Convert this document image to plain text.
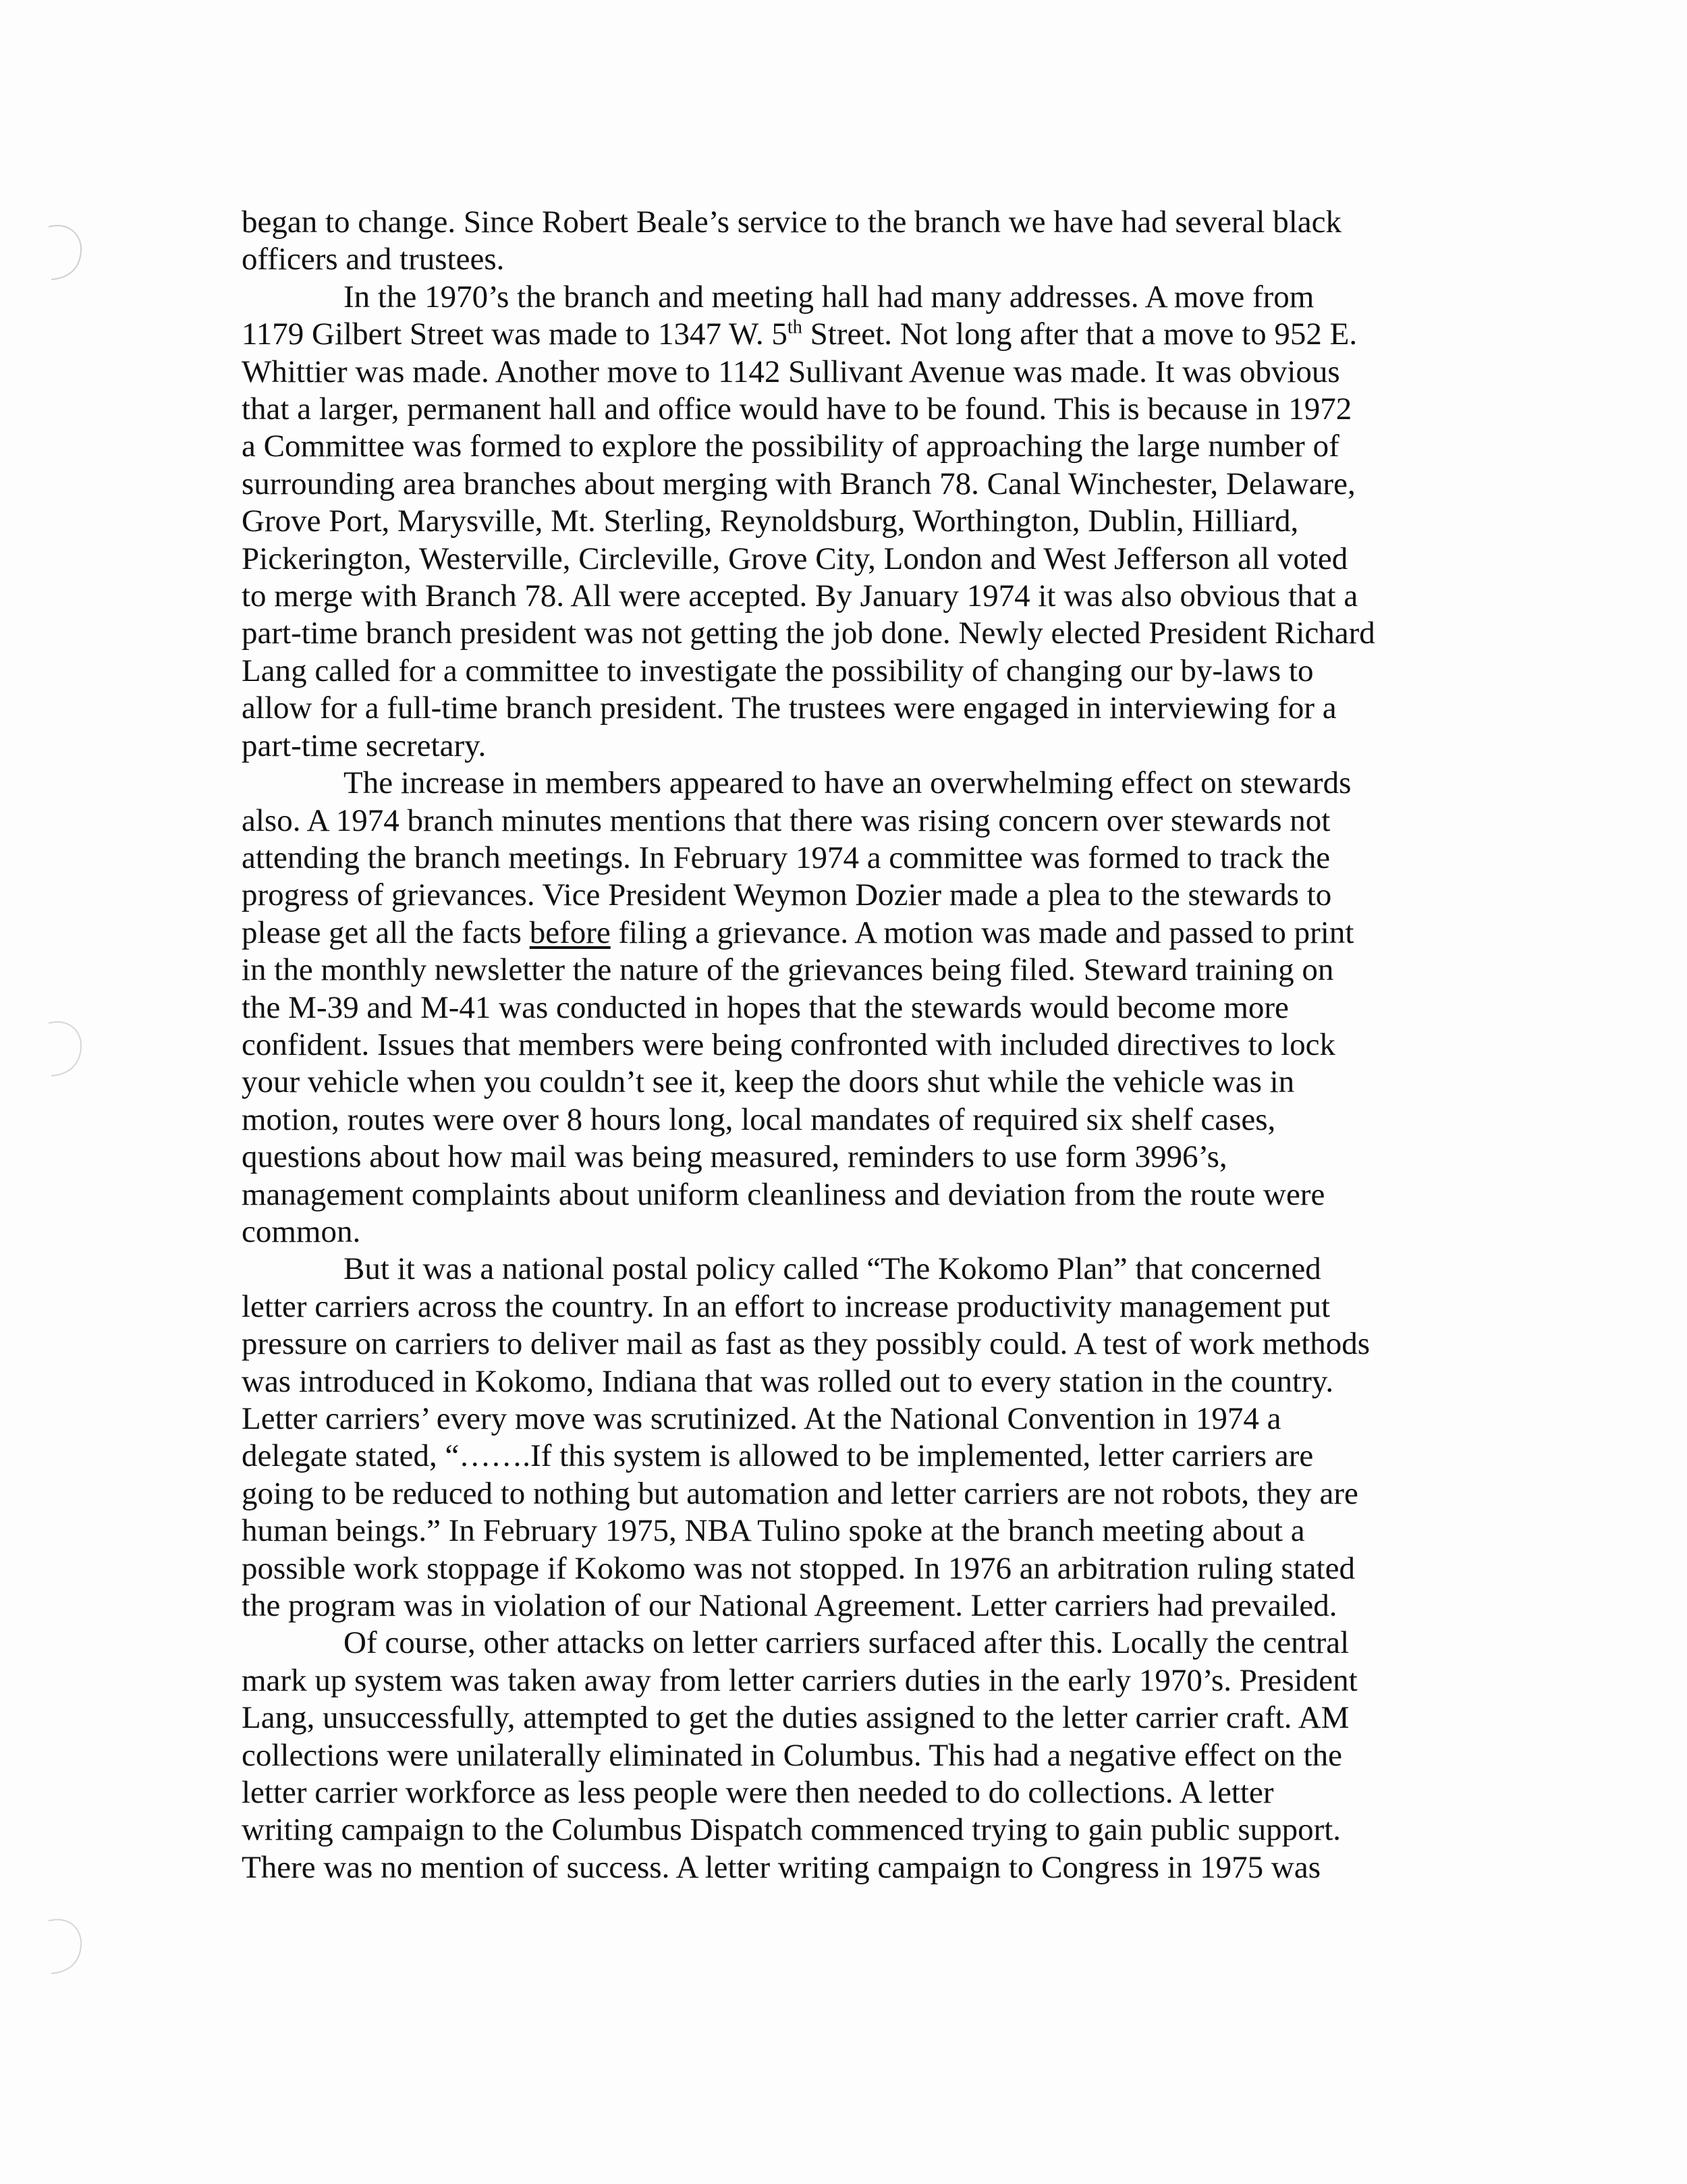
began to change. Since Robert Beale’s service to the branch we have had several black
officers and trustees.
In the 1970’s the branch and meeting hall had many addresses. A move from
1179 Gilbert Street was made to 1347 W. 5th Street. Not long after that a move to 952 E.
Whittier was made. Another move to 1142 Sullivant Avenue was made. It was obvious
that a larger, permanent hall and office would have to be found. This is because in 1972
a Committee was formed to explore the possibility of approaching the large number of
surrounding area branches about merging with Branch 78. Canal Winchester, Delaware,
Grove Port, Marysville, Mt. Sterling, Reynoldsburg, Worthington, Dublin, Hilliard,
Pickerington, Westerville, Circleville, Grove City, London and West Jefferson all voted
to merge with Branch 78. All were accepted. By January 1974 it was also obvious that a
part-time branch president was not getting the job done. Newly elected President Richard
Lang called for a committee to investigate the possibility of changing our by-laws to
allow for a full-time branch president. The trustees were engaged in interviewing for a
part-time secretary.
The increase in members appeared to have an overwhelming effect on stewards
also. A 1974 branch minutes mentions that there was rising concern over stewards not
attending the branch meetings. In February 1974 a committee was formed to track the
progress of grievances. Vice President Weymon Dozier made a plea to the stewards to
please get all the facts before filing a grievance. A motion was made and passed to print
in the monthly newsletter the nature of the grievances being filed. Steward training on
the M-39 and M-41 was conducted in hopes that the stewards would become more
confident. Issues that members were being confronted with included directives to lock
your vehicle when you couldn’t see it, keep the doors shut while the vehicle was in
motion, routes were over 8 hours long, local mandates of required six shelf cases,
questions about how mail was being measured, reminders to use form 3996’s,
management complaints about uniform cleanliness and deviation from the route were
common.
But it was a national postal policy called “The Kokomo Plan” that concerned
letter carriers across the country. In an effort to increase productivity management put
pressure on carriers to deliver mail as fast as they possibly could. A test of work methods
was introduced in Kokomo, Indiana that was rolled out to every station in the country.
Letter carriers’ every move was scrutinized. At the National Convention in 1974 a
delegate stated, “…….If this system is allowed to be implemented, letter carriers are
going to be reduced to nothing but automation and letter carriers are not robots, they are
human beings.” In February 1975, NBA Tulino spoke at the branch meeting about a
possible work stoppage if Kokomo was not stopped. In 1976 an arbitration ruling stated
the program was in violation of our National Agreement. Letter carriers had prevailed.
Of course, other attacks on letter carriers surfaced after this. Locally the central
mark up system was taken away from letter carriers duties in the early 1970’s. President
Lang, unsuccessfully, attempted to get the duties assigned to the letter carrier craft. AM
collections were unilaterally eliminated in Columbus. This had a negative effect on the
letter carrier workforce as less people were then needed to do collections. A letter
writing campaign to the Columbus Dispatch commenced trying to gain public support.
There was no mention of success. A letter writing campaign to Congress in 1975 was
